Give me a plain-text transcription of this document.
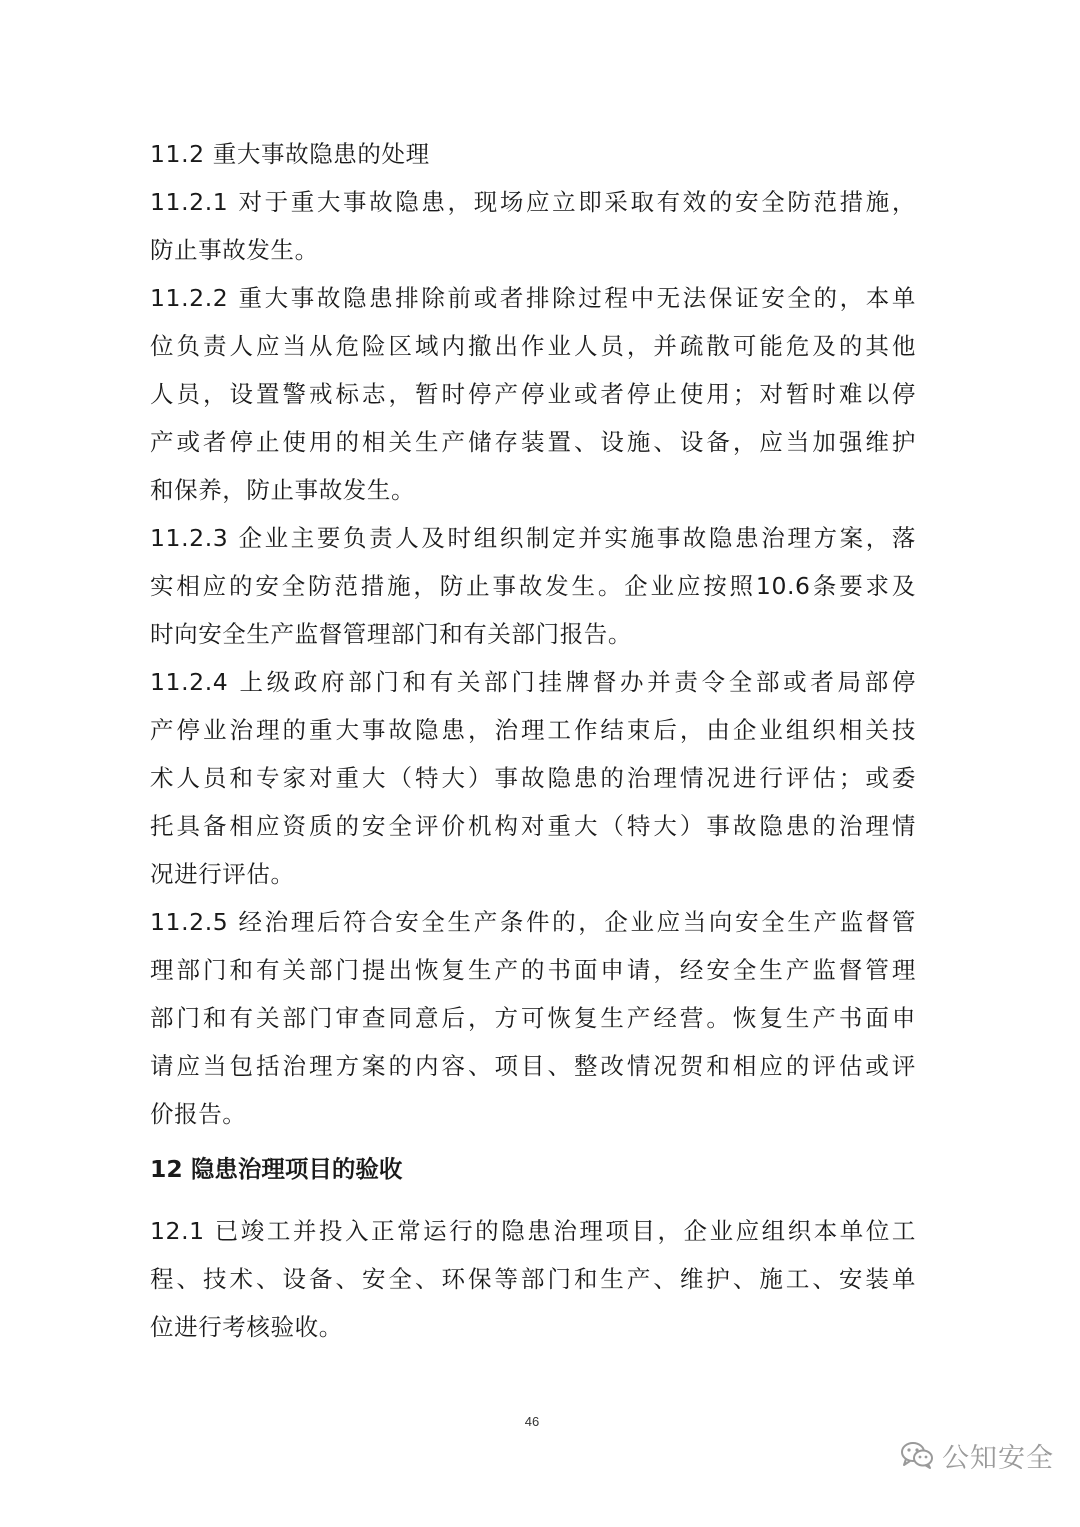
11.2 重大事故隐患的处理
11.2.1 对于重大事故隐患，现场应立即采取有效的安全防范措施，
防止事故发生。
11.2.2 重大事故隐患排除前或者排除过程中无法保证安全的，本单
位负责人应当从危险区域内撤出作业人员，并疏散可能危及的其他
人员，设置警戒标志，暂时停产停业或者停止使用；对暂时难以停
产或者停止使用的相关生产储存装置、设施、设备，应当加强维护
和保养，防止事故发生。
11.2.3 企业主要负责人及时组织制定并实施事故隐患治理方案，落
实相应的安全防范措施，防止事故发生。企业应按照10.6条要求及
时向安全生产监督管理部门和有关部门报告。
11.2.4 上级政府部门和有关部门挂牌督办并责令全部或者局部停
产停业治理的重大事故隐患，治理工作结束后，由企业组织相关技
术人员和专家对重大（特大）事故隐患的治理情况进行评估；或委
托具备相应资质的安全评价机构对重大（特大）事故隐患的治理情
况进行评估。
11.2.5 经治理后符合安全生产条件的，企业应当向安全生产监督管
理部门和有关部门提出恢复生产的书面申请，经安全生产监督管理
部门和有关部门审查同意后，方可恢复生产经营。恢复生产书面申
请应当包括治理方案的内容、项目、整改情况贺和相应的评估或评
价报告。
12 隐患治理项目的验收
12.1 已竣工并投入正常运行的隐患治理项目，企业应组织本单位工
程、技术、设备、安全、环保等部门和生产、维护、施工、安装单
位进行考核验收。
46
公知安全
